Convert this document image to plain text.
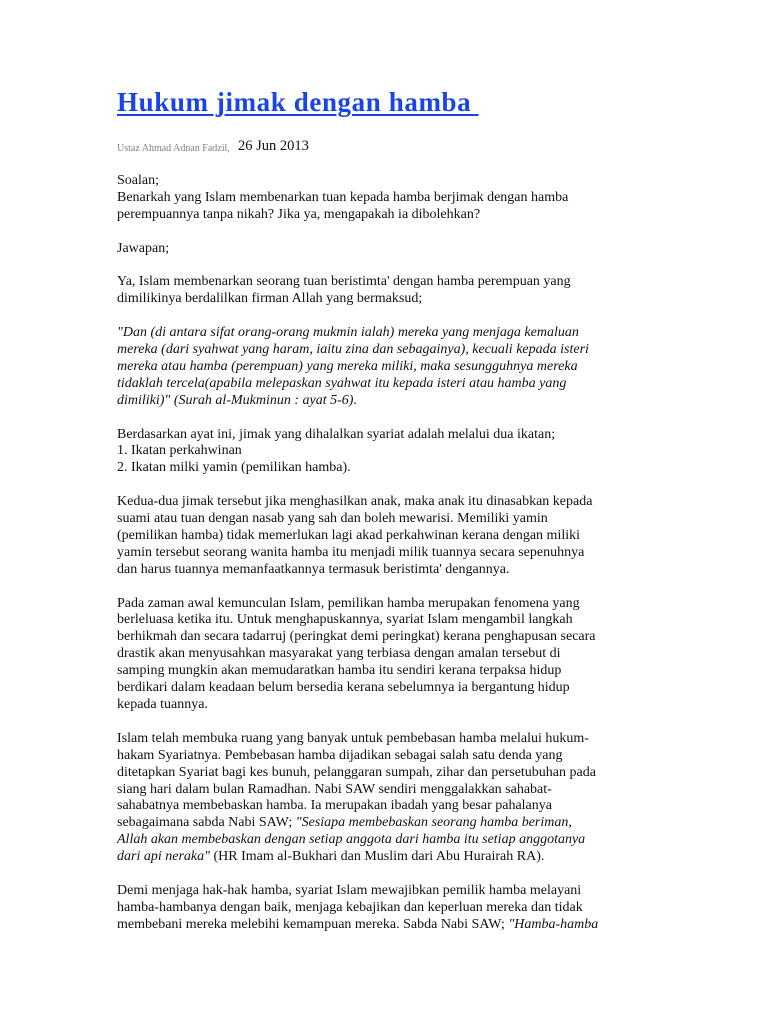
Hukum jimak dengan hamba
Ustaz Ahmad Adnan Fadzil, 26 Jun 2013

Soalan;

Benarkah yang Islam membenarkan tuan kepada hamba berjimak dengan hamba
perempuannya tanpa nikah? Jika ya, mengapakah ia dibolehkan?

Jawapan;

Ya, Islam membenarkan seorang tuan beristimta' dengan hamba perempuan yang
dimilikinya berdalilkan firman Allah yang bermaksud;

"Dan (di antara sifat orang-orang mukmin ialah) mereka yang menjaga kemaluan
mereka (dari syahwat yang haram, iaitu zina dan sebagainya), kecuali kepada isteri
mereka atau hamba (perempuan) yang mereka miliki, maka sesungguhnya mereka
tidaklah tercela(apabila melepaskan syahwat itu kepada isteri atau hamba yang
dimiliki)" (Surah al-Mukminun : ayat 5-6).

Berdasarkan ayat ini, jimak yang dihalalkan syariat adalah melalui dua ikatan;
1. Ikatan perkahwinan
2. Ikatan milki yamin (pemilikan hamba).

Kedua-dua jimak tersebut jika menghasilkan anak, maka anak itu dinasabkan kepada
suami atau tuan dengan nasab yang sah dan boleh mewarisi. Memiliki yamin
(pemilikan hamba) tidak memerlukan lagi akad perkahwinan kerana dengan miliki
yamin tersebut seorang wanita hamba itu menjadi milik tuannya secara sepenuhnya
dan harus tuannya memanfaatkannya termasuk beristimta' dengannya.

Pada zaman awal kemunculan Islam, pemilikan hamba merupakan fenomena yang
berleluasa ketika itu. Untuk menghapuskannya, syariat Islam mengambil langkah
berhikmah dan secara tadarruj (peringkat demi peringkat) kerana penghapusan secara
drastik akan menyusahkan masyarakat yang terbiasa dengan amalan tersebut di
samping mungkin akan memudaratkan hamba itu sendiri kerana terpaksa hidup
berdikari dalam keadaan belum bersedia kerana sebelumnya ia bergantung hidup
kepada tuannya.

Islam telah membuka ruang yang banyak untuk pembebasan hamba melalui hukum-
hakam Syariatnya. Pembebasan hamba dijadikan sebagai salah satu denda yang
ditetapkan Syariat bagi kes bunuh, pelanggaran sumpah, zihar dan persetubuhan pada
siang hari dalam bulan Ramadhan. Nabi SAW sendiri menggalakkan sahabat-
sahabatnya membebaskan hamba. Ia merupakan ibadah yang besar pahalanya
sebagaimana sabda Nabi SAW; "Sesiapa membebaskan seorang hamba beriman,
Allah akan membebaskan dengan setiap anggota dari hamba itu setiap anggotanya
dari api neraka" (HR Imam al-Bukhari dan Muslim dari Abu Hurairah RA).

Demi menjaga hak-hak hamba, syariat Islam mewajibkan pemilik hamba melayani
hamba-hambanya dengan baik, menjaga kebajikan dan keperluan mereka dan tidak
membebani mereka melebihi kemampuan mereka. Sabda Nabi SAW; "Hamba-hamba
